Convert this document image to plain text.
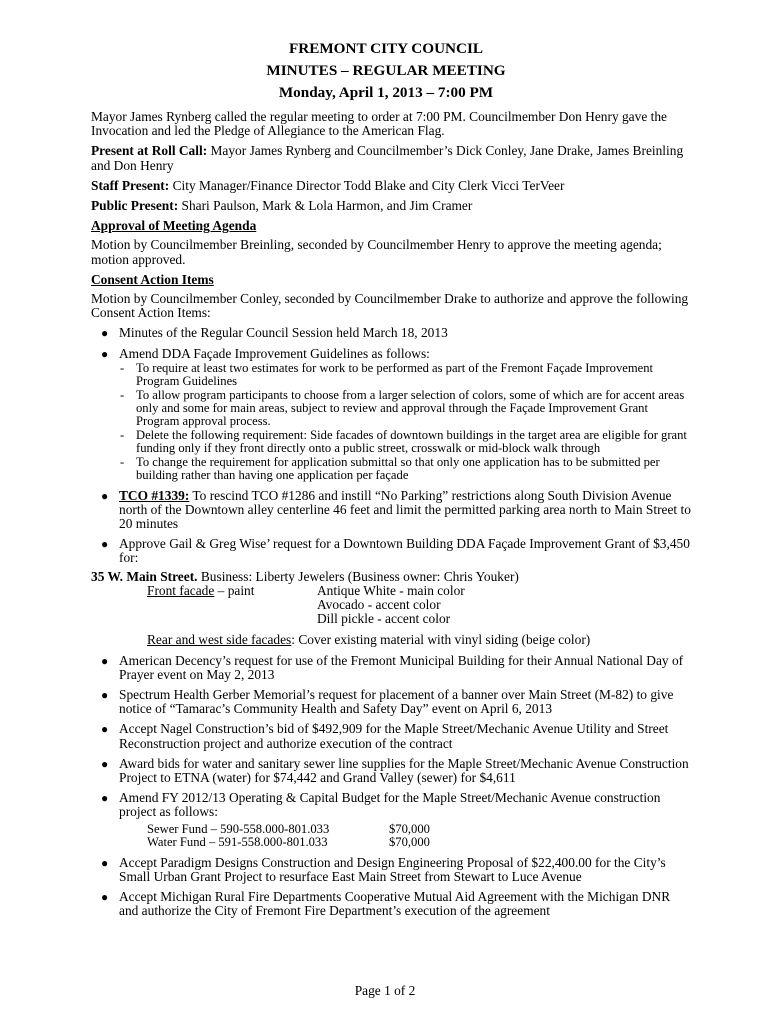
FREMONT CITY COUNCIL
MINUTES – REGULAR MEETING
Monday, April 1, 2013 – 7:00 PM

Mayor James Rynberg called the regular meeting to order at 7:00 PM. Councilmember Don Henry gave the Invocation and led the Pledge of Allegiance to the American Flag.

Present at Roll Call: Mayor James Rynberg and Councilmember’s Dick Conley, Jane Drake, James Breinling and Don Henry

Staff Present: City Manager/Finance Director Todd Blake and City Clerk Vicci TerVeer

Public Present: Shari Paulson, Mark & Lola Harmon, and Jim Cramer

Approval of Meeting Agenda

Motion by Councilmember Breinling, seconded by Councilmember Henry to approve the meeting agenda; motion approved.

Consent Action Items

Motion by Councilmember Conley, seconded by Councilmember Drake to authorize and approve the following Consent Action Items:

● Minutes of the Regular Council Session held March 18, 2013
● Amend DDA Façade Improvement Guidelines as follows:
- To require at least two estimates for work to be performed as part of the Fremont Façade Improvement Program Guidelines
- To allow program participants to choose from a larger selection of colors, some of which are for accent areas only and some for main areas, subject to review and approval through the Façade Improvement Grant Program approval process.
- Delete the following requirement: Side facades of downtown buildings in the target area are eligible for grant funding only if they front directly onto a public street, crosswalk or mid-block walk through
- To change the requirement for application submittal so that only one application has to be submitted per building rather than having one application per façade
● TCO #1339: To rescind TCO #1286 and instill “No Parking” restrictions along South Division Avenue north of the Downtown alley centerline 46 feet and limit the permitted parking area north to Main Street to 20 minutes
● Approve Gail & Greg Wise’ request for a Downtown Building DDA Façade Improvement Grant of $3,450 for:
35 W. Main Street. Business: Liberty Jewelers (Business owner: Chris Youker)
Front facade – paint	Antique White - main color
Avocado - accent color
Dill pickle - accent color
Rear and west side facades: Cover existing material with vinyl siding (beige color)
● American Decency’s request for use of the Fremont Municipal Building for their Annual National Day of Prayer event on May 2, 2013
● Spectrum Health Gerber Memorial’s request for placement of a banner over Main Street (M-82) to give notice of “Tamarac’s Community Health and Safety Day” event on April 6, 2013
● Accept Nagel Construction’s bid of $492,909 for the Maple Street/Mechanic Avenue Utility and Street Reconstruction project and authorize execution of the contract
● Award bids for water and sanitary sewer line supplies for the Maple Street/Mechanic Avenue Construction Project to ETNA (water) for $74,442 and Grand Valley (sewer) for $4,611
● Amend FY 2012/13 Operating & Capital Budget for the Maple Street/Mechanic Avenue construction project as follows:
Sewer Fund – 590-558.000-801.033	$70,000
Water Fund – 591-558.000-801.033	$70,000
● Accept Paradigm Designs Construction and Design Engineering Proposal of $22,400.00 for the City’s Small Urban Grant Project to resurface East Main Street from Stewart to Luce Avenue
● Accept Michigan Rural Fire Departments Cooperative Mutual Aid Agreement with the Michigan DNR and authorize the City of Fremont Fire Department’s execution of the agreement
Page 1 of 2
